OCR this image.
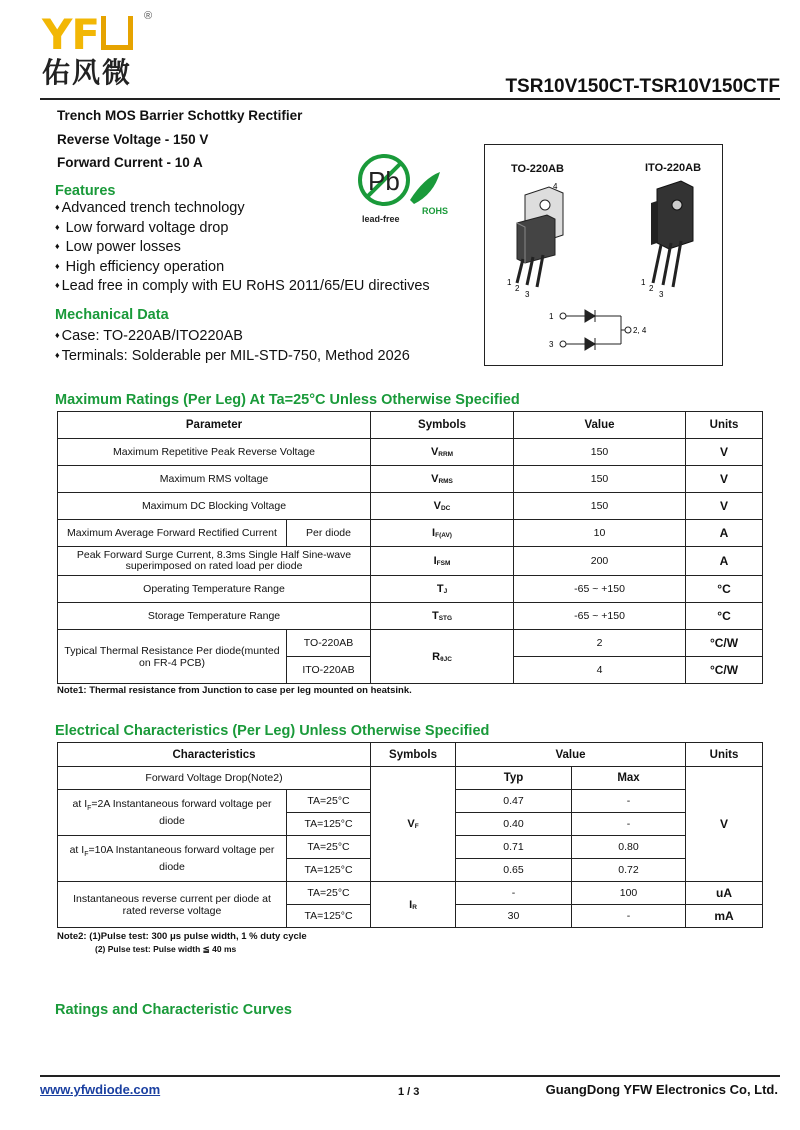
YF	®
佑风微	TSR10V150CT-TSR10V150CTF
Trench MOS Barrier Schottky Rectifier
Reverse Voltage - 150 V
Forward Current - 10 A
Pb
lead-free
ROHS
Features
♦ Advanced trench technology
♦ Low forward voltage drop
♦ Low power losses
♦ High efficiency operation
♦ Lead free in comply with EU RoHS 2011/65/EU directives
Mechanical Data
♦ Case: TO-220AB/ITO220AB
♦ Terminals: Solderable per MIL-STD-750, Method 2026
TO-220AB	ITO-220AB
4
1
2
3
1
2
3
1
3
2, 4
Maximum Ratings (Per Leg) At Ta=25°C Unless Otherwise Specified
Parameter		Symbols	Value	Units
Maximum Repetitive Peak Reverse Voltage		$V_{RRM}$	150	V
Maximum RMS voltage		$V_{RMS}$	150	V
Maximum DC Blocking Voltage		$V_{DC}$	150	V
Maximum Average Forward Rectified Current	Per diode	$I_{F(AV)}$	10	A
Peak Forward Surge Current, 8.3ms Single Half Sine-wave superimposed on rated load per diode		$I_{FSM}$	200	A
Operating Temperature Range		$T_J$	-65 ~ +150	°C
Storage Temperature Range		$T_{STG}$	-65 ~ +150	°C
Typical Thermal Resistance Per diode(munted on FR-4 PCB)	TO-220AB	$R_{\theta JC}$	2	°C/W
	ITO-220AB		4	°C/W
Note1: Thermal resistance from Junction to case per leg mounted on heatsink.
Electrical Characteristics (Per Leg) Unless Otherwise Specified
Characteristics		Symbols	Value		Units
Forward Voltage Drop(Note2)		$V_F$	Typ	Max	V
at $I_F=2A$ Instantaneous forward voltage per diode	TA=25°C		0.47	-	
	TA=125°C		0.40	-	
at $I_F=10A$ Instantaneous forward voltage per diode	TA=25°C		0.71	0.80	
	TA=125°C		0.65	0.72	
Instantaneous reverse current per diode at rated reverse voltage	TA=25°C	$I_R$	-	100	uA
	TA=125°C		30	-	mA
Note2: (1)Pulse test: 300 μs pulse width, 1 % duty cycle
(2) Pulse test: Pulse width ≦ 40 ms
Ratings and Characteristic Curves
www.yfwdiode.com	1 / 3	GuangDong YFW Electronics Co, Ltd.
